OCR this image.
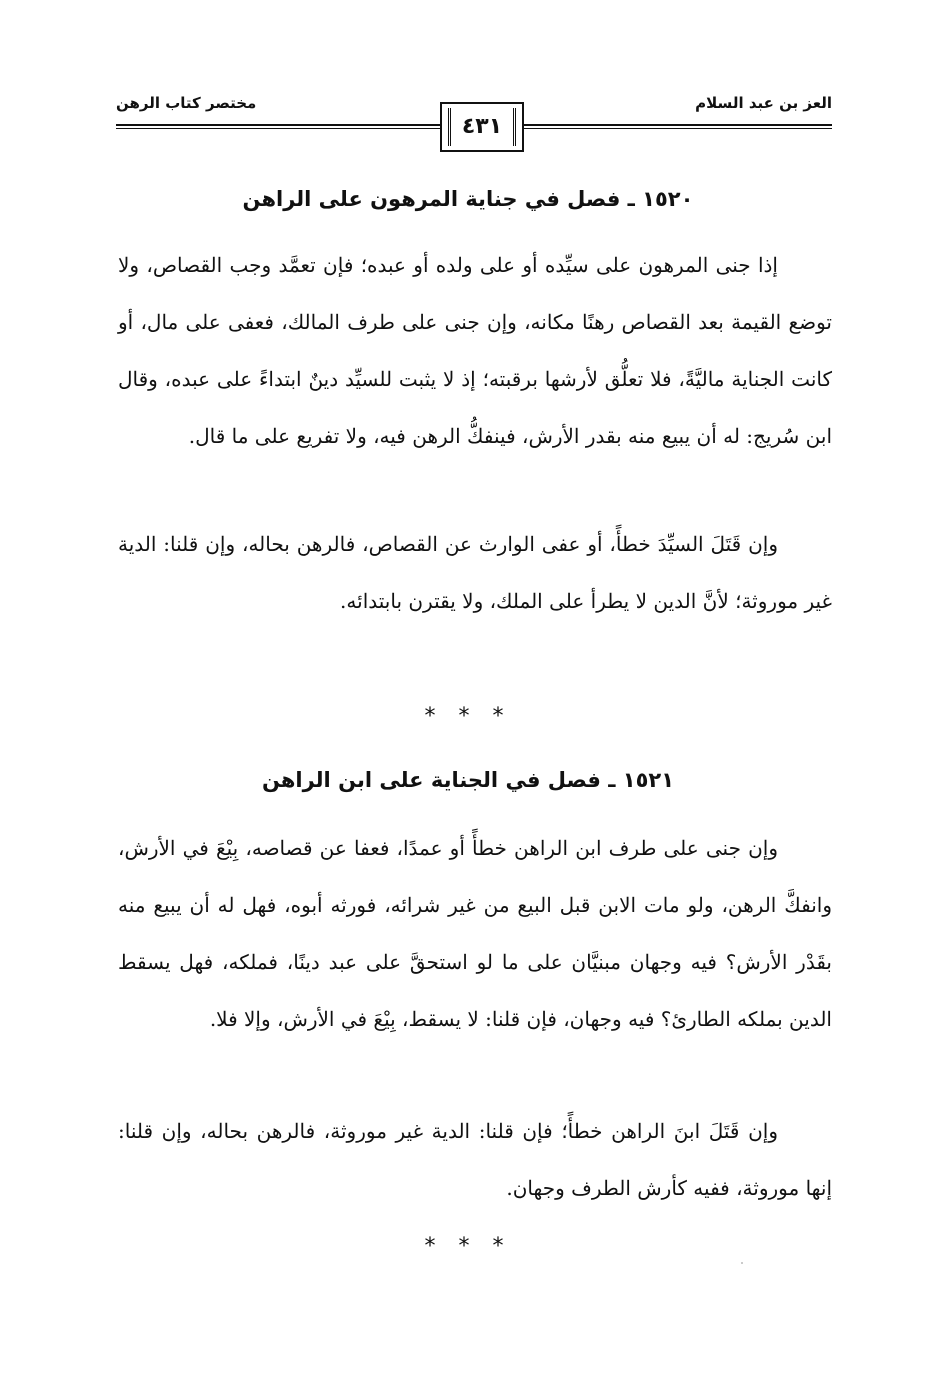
العز بن عبد السلام
مختصر كتاب الرهن
٤٣١
١٥٢٠ ـ فصل في جناية المرهون على الراهن

إذا جنى المرهون على سيِّده أو على ولده أو عبده؛ فإن تعمَّد وجب القصاص، ولا توضع القيمة بعد القصاص رهنًا مكانه، وإن جنى على طرف المالك، فعفى على مال، أو كانت الجناية ماليَّةً، فلا تعلُّق لأرشها برقبته؛ إذ لا يثبت للسيِّد دينٌ ابتداءً على عبده، وقال ابن سُريج: له أن يبيع منه بقدر الأرش، فينفكُّ الرهن فيه، ولا تفريع على ما قال.

وإن قَتَلَ السيِّدَ خطأً، أو عفى الوارث عن القصاص، فالرهن بحاله، وإن قلنا: الدية غير موروثة؛ لأنَّ الدين لا يطرأ على الملك، ولا يقترن بابتدائه.

* * *
١٥٢١ ـ فصل في الجناية على ابن الراهن

وإن جنى على طرف ابن الراهن خطأً أو عمدًا، فعفا عن قصاصه، بِيْعَ في الأرش، وانفكَّ الرهن، ولو مات الابن قبل البيع من غير شرائه، فورثه أبوه، فهل له أن يبيع منه بقَدْر الأرش؟ فيه وجهان مبنيَّان على ما لو استحقَّ على عبد دينًا، فملكه، فهل يسقط الدين بملكه الطارئ؟ فيه وجهان، فإن قلنا: لا يسقط، بِيْعَ في الأرش، وإلا فلا.

وإن قَتَلَ ابنَ الراهن خطأً؛ فإن قلنا: الدية غير موروثة، فالرهن بحاله، وإن قلنا: إنها موروثة، ففيه كأرش الطرف وجهان.

* * *
